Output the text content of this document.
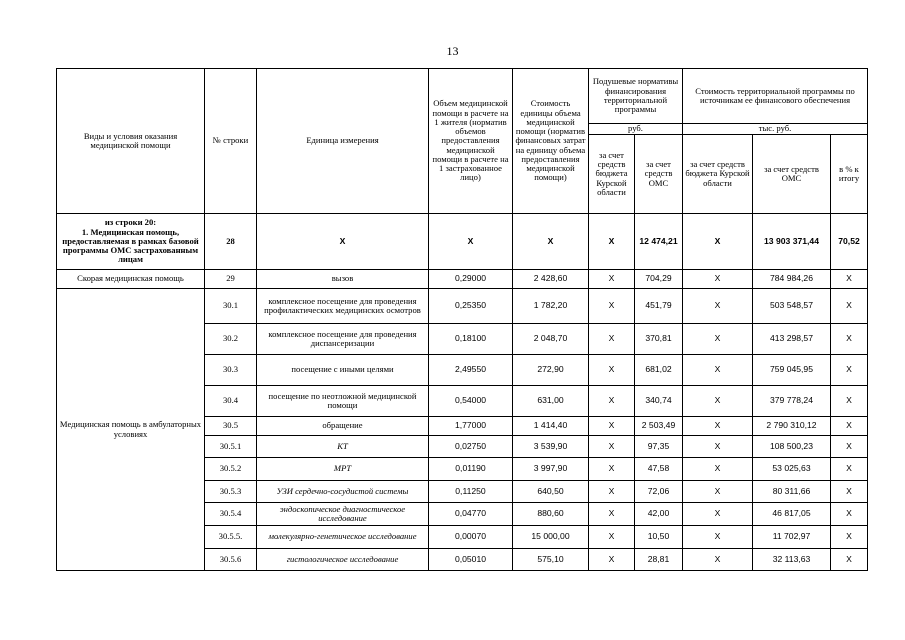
13
Виды и условия оказания медицинской помощи	№ строки	Единица измерения	Объем медицинской помощи в расчете на 1 жителя (норматив объемов предоставления медицинской помощи в расчете на 1 застрахованное лицо)	Стоимость единицы объема медицинской помощи (норматив финансовых затрат на единицу объема предоставления медицинской помощи)	Подушевые нормативы финансирования территориальной программы		Стоимость территориальной программы по источникам ее финансового обеспечения		
					руб.		тыс. руб.		
					за счет средств бюджета Курской области	за счет средств ОМС	за счет средств бюджета Курской области	за счет средств ОМС	в % к итогу
из строки 20:
1. Медицинская помощь, предоставляемая в рамках базовой программы ОМС застрахованным лицам	28	Х	Х	Х	Х	12 474,21	Х	13 903 371,44	70,52
Скорая медицинская помощь	29	вызов	0,29000	2 428,60	Х	704,29	Х	784 984,26	Х
Медицинская помощь в амбулаторных условиях	30.1	комплексное посещение для проведения профилактических медицинских осмотров	0,25350	1 782,20	Х	451,79	Х	503 548,57	Х
	30.2	комплексное посещение для проведения диспансеризации	0,18100	2 048,70	Х	370,81	Х	413 298,57	Х
	30.3	посещение с иными целями	2,49550	272,90	Х	681,02	Х	759 045,95	Х
	30.4	посещение по неотложной медицинской помощи	0,54000	631,00	Х	340,74	Х	379 778,24	Х
	30.5	обращение	1,77000	1 414,40	Х	2 503,49	Х	2 790 310,12	Х
	30.5.1	КТ	0,02750	3 539,90	Х	97,35	Х	108 500,23	Х
	30.5.2	МРТ	0,01190	3 997,90	Х	47,58	Х	53 025,63	Х
	30.5.3	УЗИ сердечно-сосудистой системы	0,11250	640,50	Х	72,06	Х	80 311,66	Х
	30.5.4	эндоскопическое диагностическое исследование	0,04770	880,60	Х	42,00	Х	46 817,05	Х
	30.5.5.	молекулярно-генетическое исследование	0,00070	15 000,00	Х	10,50	Х	11 702,97	Х
	30.5.6	гистологическое исследование	0,05010	575,10	Х	28,81	Х	32 113,63	Х
